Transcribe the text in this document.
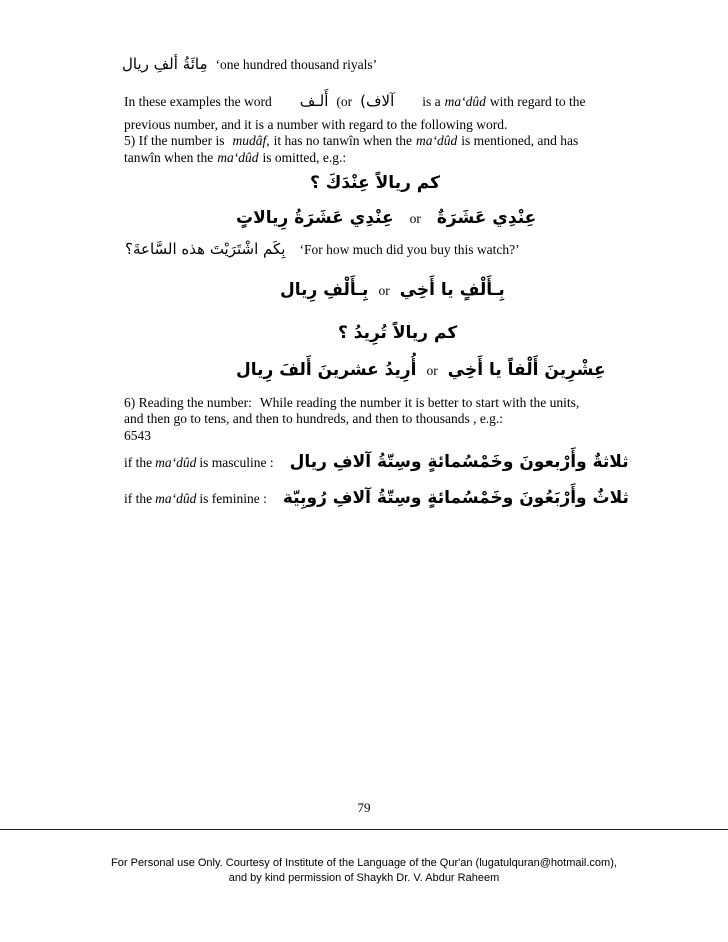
مِائَةُ ألفِ ريال ‘one hundred thousand riyals’
In these examples the word أَلـف (or آلاف) is a ma‘dûd with regard to the
previous number, and it is a number with regard to the following word.
5) If the number is mudâf, it has no tanwîn when the ma‘dûd is mentioned, and has
tanwîn when the ma‘dûd is omitted, e.g.:
كم ريالاً عِنْدَكَ ؟
عِنْدِي عَشَرَةُ رِيالاتٍ or عِنْدِي عَشَرَةٌ
بِكَم اشْتَرَيْتَ هذه السَّاعةَ؟ ‘For how much did you buy this watch?’
بِـأَلْفِ رِيال or بِـأَلْفٍ يا أَخِي
كم ريالاً تُرِيدُ ؟
أُرِيدُ عشرينَ أَلفَ رِيال or عِشْرِينَ أَلْفاً يا أَخِي
6) Reading the number: While reading the number it is better to start with the units,
and then go to tens, and then to hundreds, and then to thousands , e.g.:
6543
if the ma‘dûd is masculine : ثلاثةٌ وأَرْبعونَ وخَمْسُمائةٍ وسِتّةُ آلافِ ريال
if the ma‘dûd is feminine : ثلاثٌ وأَرْبَعُونَ وخَمْسُمائةٍ وسِتّةُ آلافِ رُوبِيّة
79
For Personal use Only. Courtesy of Institute of the Language of the Qur'an (lugatulquran@hotmail.com),
and by kind permission of Shaykh Dr. V. Abdur Raheem
